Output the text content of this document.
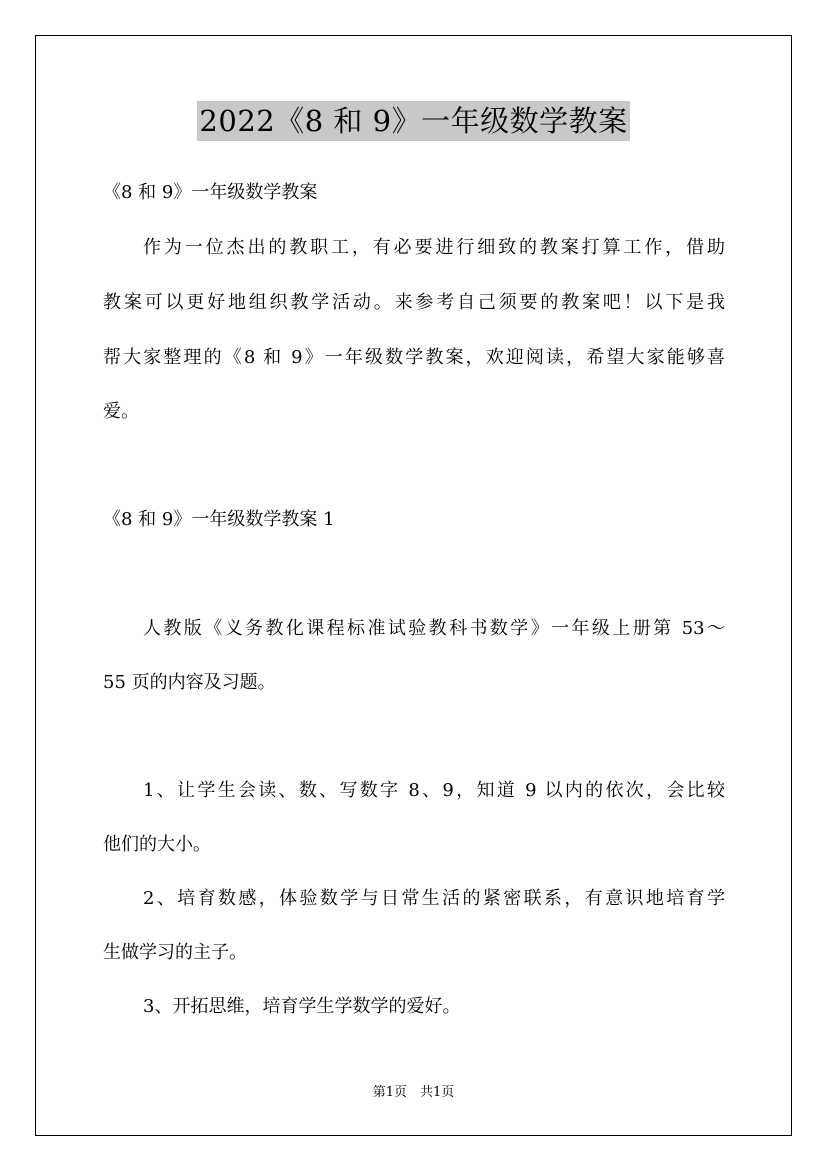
2022《8 和 9》一年级数学教案
《8 和 9》一年级数学教案
作为一位杰出的教职工，有必要进行细致的教案打算工作，借助
教案可以更好地组织教学活动。来参考自己须要的教案吧！以下是我
帮大家整理的《8 和 9》一年级数学教案，欢迎阅读，希望大家能够喜
爱。
《8 和 9》一年级数学教案 1
人教版《义务教化课程标准试验教科书数学》一年级上册第 53～
55 页的内容及习题。
1、让学生会读、数、写数字 8、9，知道 9 以内的依次，会比较
他们的大小。
2、培育数感，体验数学与日常生活的紧密联系，有意识地培育学
生做学习的主子。
3、开拓思维，培育学生学数学的爱好。
第1页　共1页
